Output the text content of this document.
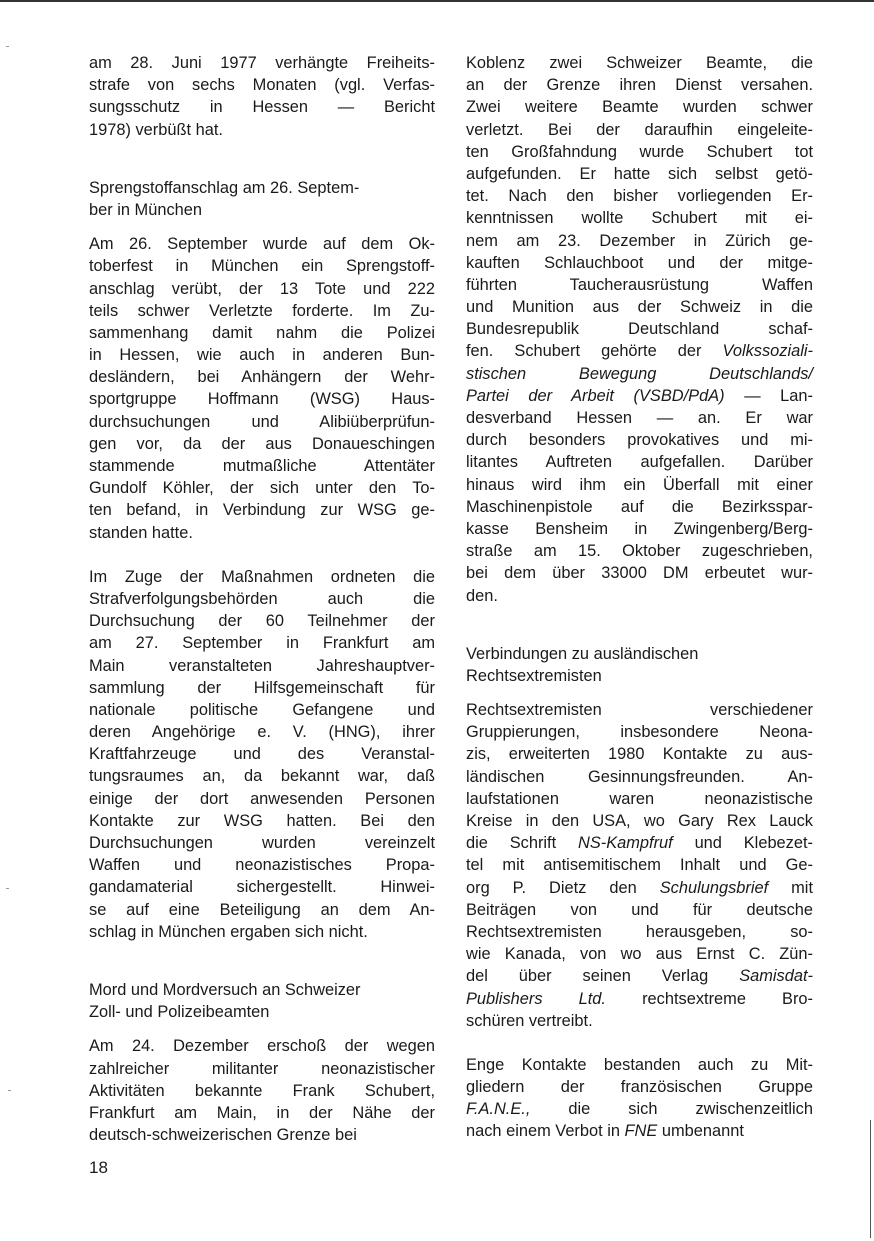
am 28. Juni 1977 verhängte Freiheits-
strafe von sechs Monaten (vgl. Verfas-
sungsschutz in Hessen — Bericht
1978) verbüßt hat.
Sprengstoffanschlag am 26. Septem-
ber in München
Am 26. September wurde auf dem Ok-
toberfest in München ein Sprengstoff-
anschlag verübt, der 13 Tote und 222
teils schwer Verletzte forderte. Im Zu-
sammenhang damit nahm die Polizei
in Hessen, wie auch in anderen Bun-
desländern, bei Anhängern der Wehr-
sportgruppe Hoffmann (WSG) Haus-
durchsuchungen und Alibiüberprüfun-
gen vor, da der aus Donaueschingen
stammende mutmaßliche Attentäter
Gundolf Köhler, der sich unter den To-
ten befand, in Verbindung zur WSG ge-
standen hatte.
Im Zuge der Maßnahmen ordneten die
Strafverfolgungsbehörden auch die
Durchsuchung der 60 Teilnehmer der
am 27. September in Frankfurt am
Main veranstalteten Jahreshauptver-
sammlung der Hilfsgemeinschaft für
nationale politische Gefangene und
deren Angehörige e. V. (HNG), ihrer
Kraftfahrzeuge und des Veranstal-
tungsraumes an, da bekannt war, daß
einige der dort anwesenden Personen
Kontakte zur WSG hatten. Bei den
Durchsuchungen wurden vereinzelt
Waffen und neonazistisches Propa-
gandamaterial sichergestellt. Hinwei-
se auf eine Beteiligung an dem An-
schlag in München ergaben sich nicht.
Mord und Mordversuch an Schweizer
Zoll- und Polizeibeamten
Am 24. Dezember erschoß der wegen
zahlreicher militanter neonazistischer
Aktivitäten bekannte Frank Schubert,
Frankfurt am Main, in der Nähe der
deutsch-schweizerischen Grenze bei
Koblenz zwei Schweizer Beamte, die
an der Grenze ihren Dienst versahen.
Zwei weitere Beamte wurden schwer
verletzt. Bei der daraufhin eingeleite-
ten Großfahndung wurde Schubert tot
aufgefunden. Er hatte sich selbst getö-
tet. Nach den bisher vorliegenden Er-
kenntnissen wollte Schubert mit ei-
nem am 23. Dezember in Zürich ge-
kauften Schlauchboot und der mitge-
führten Taucherausrüstung Waffen
und Munition aus der Schweiz in die
Bundesrepublik Deutschland schaf-
fen. Schubert gehörte der Volkssoziali-
stischen Bewegung Deutschlands/
Partei der Arbeit (VSBD/PdA) — Lan-
desverband Hessen — an. Er war
durch besonders provokatives und mi-
litantes Auftreten aufgefallen. Darüber
hinaus wird ihm ein Überfall mit einer
Maschinenpistole auf die Bezirksspar-
kasse Bensheim in Zwingenberg/Berg-
straße am 15. Oktober zugeschrieben,
bei dem über 33000 DM erbeutet wur-
den.
Verbindungen zu ausländischen
Rechtsextremisten
Rechtsextremisten verschiedener
Gruppierungen, insbesondere Neona-
zis, erweiterten 1980 Kontakte zu aus-
ländischen Gesinnungsfreunden. An-
laufstationen waren neonazistische
Kreise in den USA, wo Gary Rex Lauck
die Schrift NS-Kampfruf und Klebezet-
tel mit antisemitischem Inhalt und Ge-
org P. Dietz den Schulungsbrief mit
Beiträgen von und für deutsche
Rechtsextremisten herausgeben, so-
wie Kanada, von wo aus Ernst C. Zün-
del über seinen Verlag Samisdat-
Publishers Ltd. rechtsextreme Bro-
schüren vertreibt.
Enge Kontakte bestanden auch zu Mit-
gliedern der französischen Gruppe
F.A.N.E., die sich zwischenzeitlich
nach einem Verbot in FNE umbenannt
18
